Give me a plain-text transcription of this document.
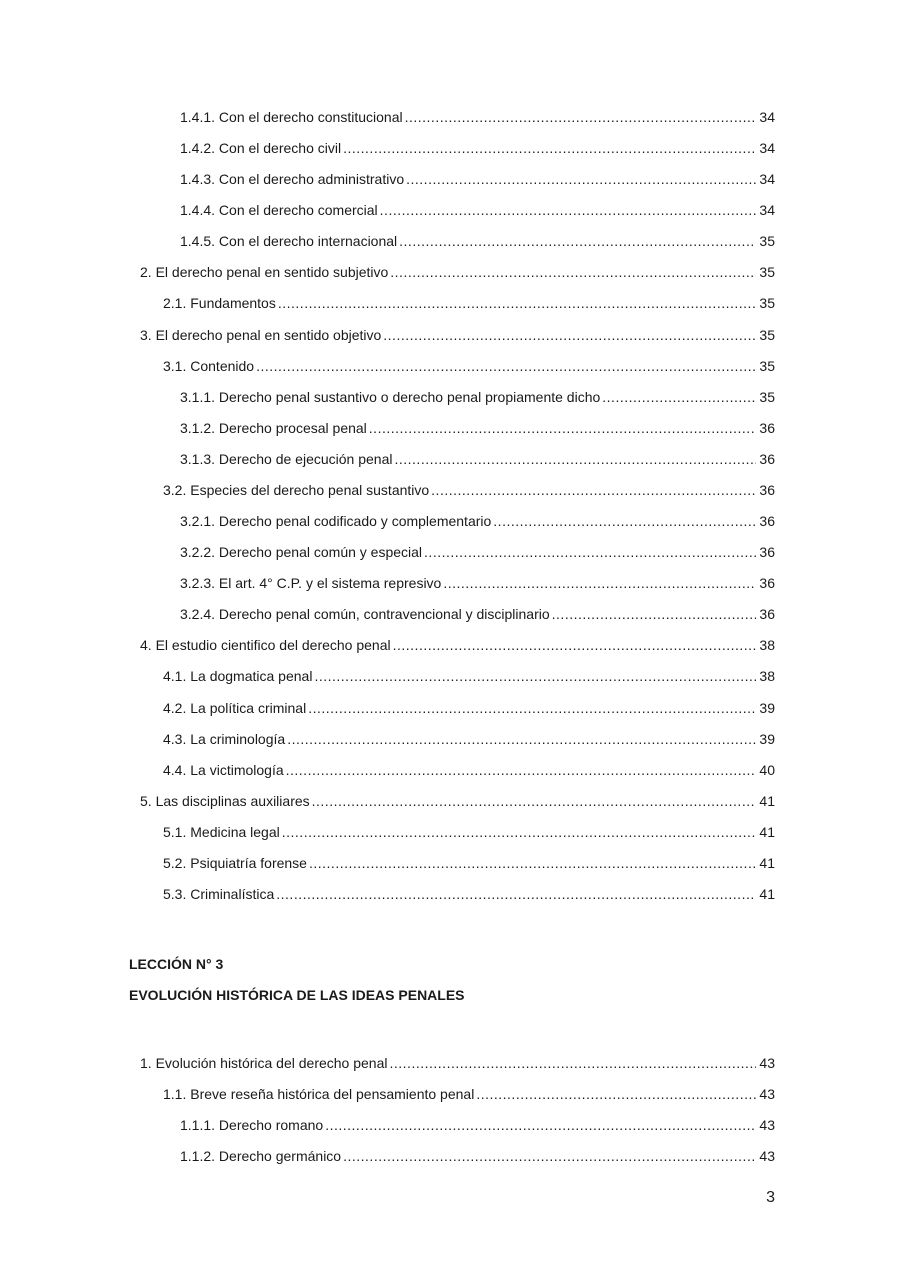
1.4.1. Con el derecho constitucional .....	34
1.4.2. Con el derecho civil .....	34
1.4.3. Con el derecho administrativo .....	34
1.4.4. Con el derecho comercial .....	34
1.4.5. Con el derecho internacional .....	35
2. El derecho penal en sentido subjetivo .....	35
2.1. Fundamentos .....	35
3. El derecho penal en sentido objetivo .....	35
3.1. Contenido .....	35
3.1.1. Derecho penal sustantivo o derecho penal propiamente dicho .....	35
3.1.2. Derecho procesal penal .....	36
3.1.3. Derecho de ejecución penal .....	36
3.2. Especies del derecho penal sustantivo .....	36
3.2.1. Derecho penal codificado y complementario .....	36
3.2.2. Derecho penal común y especial .....	36
3.2.3. El art. 4° C.P. y el sistema represivo .....	36
3.2.4. Derecho penal común, contravencional y disciplinario .....	36
4. El estudio cientifico del derecho penal .....	38
4.1. La dogmatica penal .....	38
4.2. La política criminal .....	39
4.3. La criminología .....	39
4.4. La victimología .....	40
5. Las disciplinas auxiliares .....	41
5.1. Medicina legal .....	41
5.2. Psiquiatría forense .....	41
5.3. Criminalística .....	41
LECCIÓN N° 3
EVOLUCIÓN HISTÓRICA DE LAS IDEAS PENALES
1. Evolución histórica del derecho penal .....	43
1.1. Breve reseña histórica del pensamiento penal .....	43
1.1.1. Derecho romano .....	43
1.1.2. Derecho germánico .....	43
3
